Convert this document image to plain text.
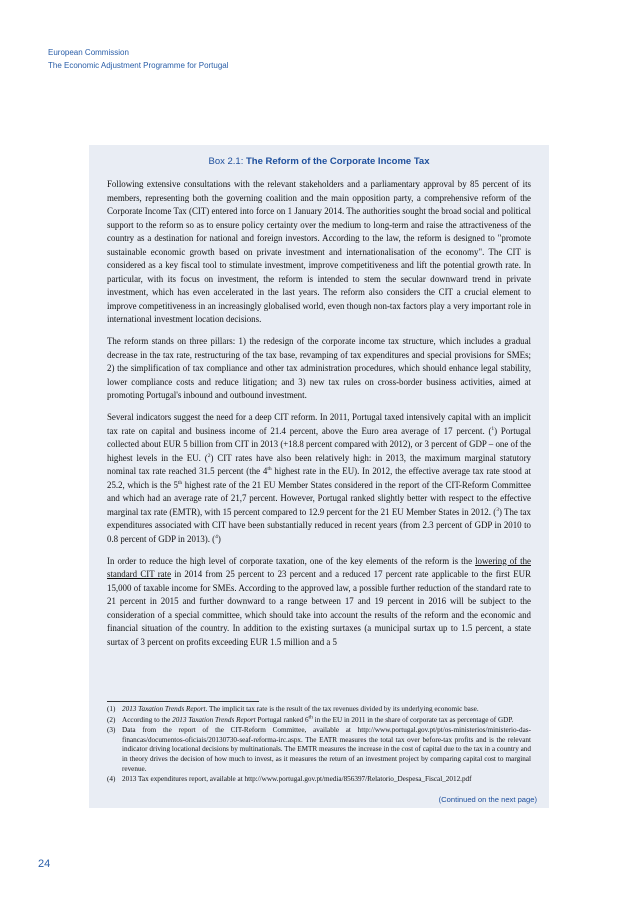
European Commission
The Economic Adjustment Programme for Portugal
Box 2.1: The Reform of the Corporate Income Tax

Following extensive consultations with the relevant stakeholders and a parliamentary approval by 85 percent of its members, representing both the governing coalition and the main opposition party, a comprehensive reform of the Corporate Income Tax (CIT) entered into force on 1 January 2014. The authorities sought the broad social and political support to the reform so as to ensure policy certainty over the medium to long-term and raise the attractiveness of the country as a destination for national and foreign investors. According to the law, the reform is designed to "promote sustainable economic growth based on private investment and internationalisation of the economy". The CIT is considered as a key fiscal tool to stimulate investment, improve competitiveness and lift the potential growth rate. In particular, with its focus on investment, the reform is intended to stem the secular downward trend in private investment, which has even accelerated in the last years. The reform also considers the CIT a crucial element to improve competitiveness in an increasingly globalised world, even though non-tax factors play a very important role in international investment location decisions.

The reform stands on three pillars: 1) the redesign of the corporate income tax structure, which includes a gradual decrease in the tax rate, restructuring of the tax base, revamping of tax expenditures and special provisions for SMEs; 2) the simplification of tax compliance and other tax administration procedures, which should enhance legal stability, lower compliance costs and reduce litigation; and 3) new tax rules on cross-border business activities, aimed at promoting Portugal's inbound and outbound investment.

Several indicators suggest the need for a deep CIT reform. In 2011, Portugal taxed intensively capital with an implicit tax rate on capital and business income of 21.4 percent, above the Euro area average of 17 percent. ($^1$) Portugal collected about EUR 5 billion from CIT in 2013 (+18.8 percent compared with 2012), or 3 percent of GDP – one of the highest levels in the EU. ($^2$) CIT rates have also been relatively high: in 2013, the maximum marginal statutory nominal tax rate reached 31.5 percent (the 4th highest rate in the EU). In 2012, the effective average tax rate stood at 25.2, which is the 5th highest rate of the 21 EU Member States considered in the report of the CIT-Reform Committee and which had an average rate of 21,7 percent. However, Portugal ranked slightly better with respect to the effective marginal tax rate (EMTR), with 15 percent compared to 12.9 percent for the 21 EU Member States in 2012. ($^3$) The tax expenditures associated with CIT have been substantially reduced in recent years (from 2.3 percent of GDP in 2010 to 0.8 percent of GDP in 2013). ($^4$)

In order to reduce the high level of corporate taxation, one of the key elements of the reform is the lowering of the standard CIT rate in 2014 from 25 percent to 23 percent and a reduced 17 percent rate applicable to the first EUR 15,000 of taxable income for SMEs. According to the approved law, a possible further reduction of the standard rate to 21 percent in 2015 and further downward to a range between 17 and 19 percent in 2016 will be subject to the consideration of a special committee, which should take into account the results of the reform and the economic and financial situation of the country. In addition to the existing surtaxes (a municipal surtax up to 1.5 percent, a state surtax of 3 percent on profits exceeding EUR 1.5 million and a 5

(1) 2013 Taxation Trends Report. The implicit tax rate is the result of the tax revenues divided by its underlying economic base.
(2) According to the 2013 Taxation Trends Report Portugal ranked 6th in the EU in 2011 in the share of corporate tax as percentage of GDP.
(3) Data from the report of the CIT-Reform Committee, available at http://www.portugal.gov.pt/pt/os-ministerios/ministerio-das-financas/documentos-oficiais/20130730-seaf-reforma-irc.aspx. The EATR measures the total tax over before-tax profits and is the relevant indicator driving locational decisions by multinationals. The EMTR measures the increase in the cost of capital due to the tax in a country and in theory drives the decision of how much to invest, as it measures the return of an investment project by comparing capital cost to marginal revenue.
(4) 2013 Tax expenditures report, available at http://www.portugal.gov.pt/media/856397/Relatorio_Despesa_Fiscal_2012.pdf
(Continued on the next page)
24
